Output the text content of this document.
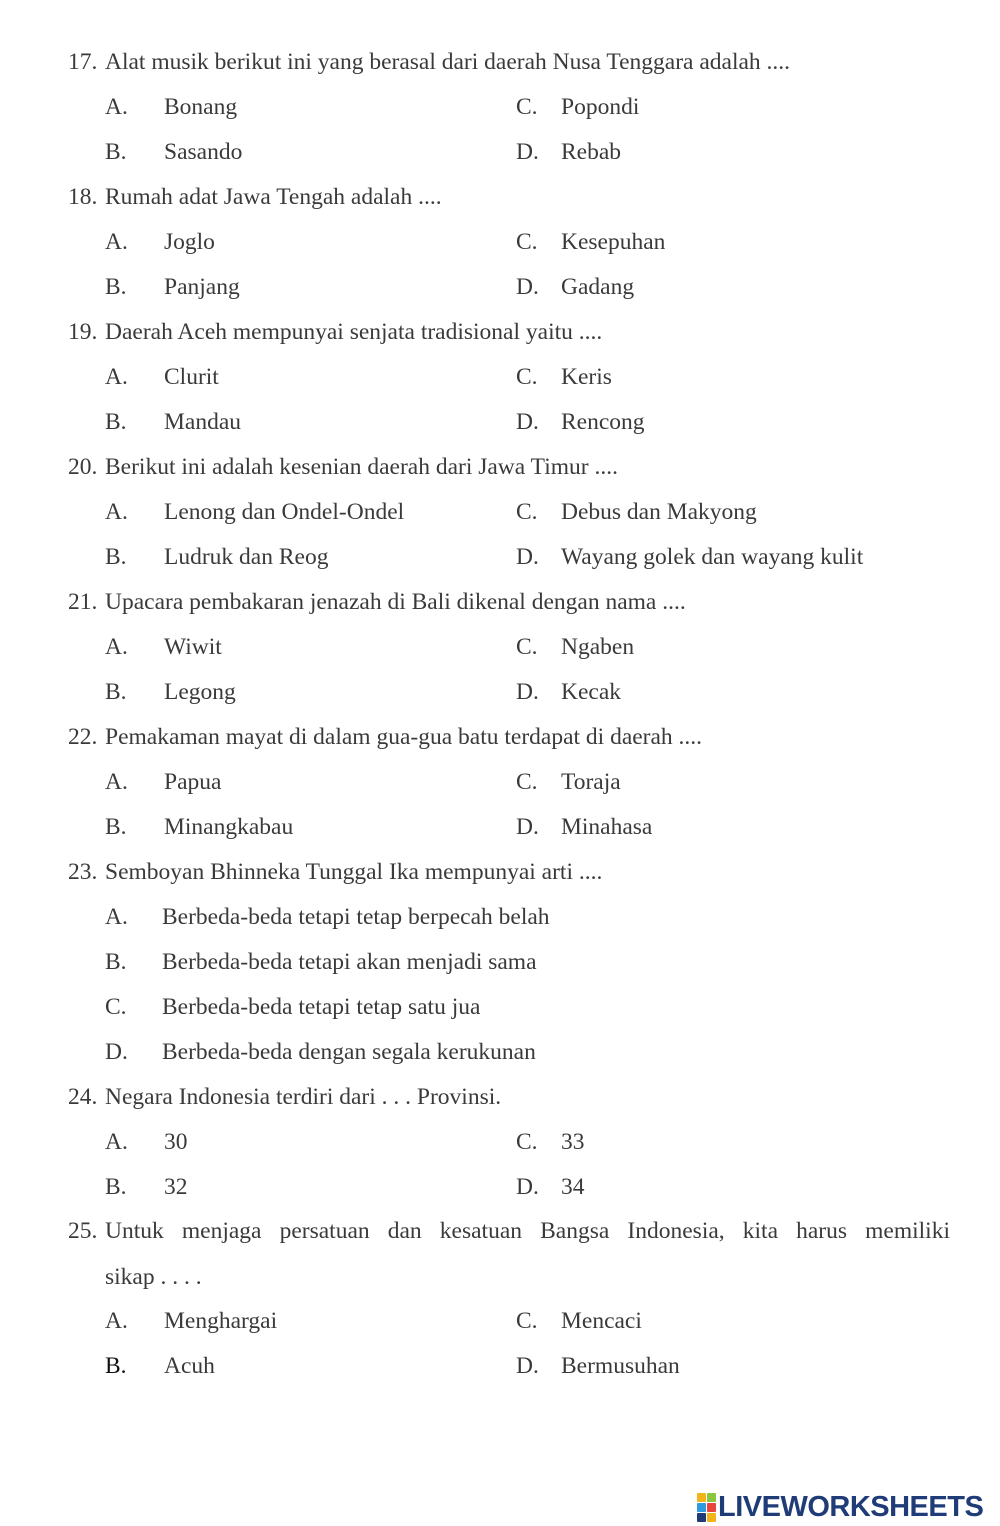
17. Alat musik berikut ini yang berasal dari daerah Nusa Tenggara adalah ....
A. Bonang	C. Popondi
B. Sasando	D. Rebab
18. Rumah adat Jawa Tengah adalah ....
A. Joglo	C. Kesepuhan
B. Panjang	D. Gadang
19. Daerah Aceh mempunyai senjata tradisional yaitu ....
A. Clurit	C. Keris
B. Mandau	D. Rencong
20. Berikut ini adalah kesenian daerah dari Jawa Timur ....
A. Lenong dan Ondel-Ondel	C. Debus dan Makyong
B. Ludruk dan Reog	D. Wayang golek dan wayang kulit
21. Upacara pembakaran jenazah di Bali dikenal dengan nama ....
A. Wiwit	C. Ngaben
B. Legong	D. Kecak
22. Pemakaman mayat di dalam gua-gua batu terdapat di daerah ....
A. Papua	C. Toraja
B. Minangkabau	D. Minahasa
23. Semboyan Bhinneka Tunggal Ika mempunyai arti ....
A. Berbeda-beda tetapi tetap berpecah belah
B. Berbeda-beda tetapi akan menjadi sama
C. Berbeda-beda tetapi tetap satu jua
D. Berbeda-beda dengan segala kerukunan
24. Negara Indonesia terdiri dari . . . Provinsi.
A. 30	C. 33
B. 32	D. 34
25. Untuk menjaga persatuan dan kesatuan Bangsa Indonesia, kita harus memiliki
sikap . . . .
A. Menghargai	C. Mencaci
B. Acuh	D. Bermusuhan
LIVEWORKSHEETS
